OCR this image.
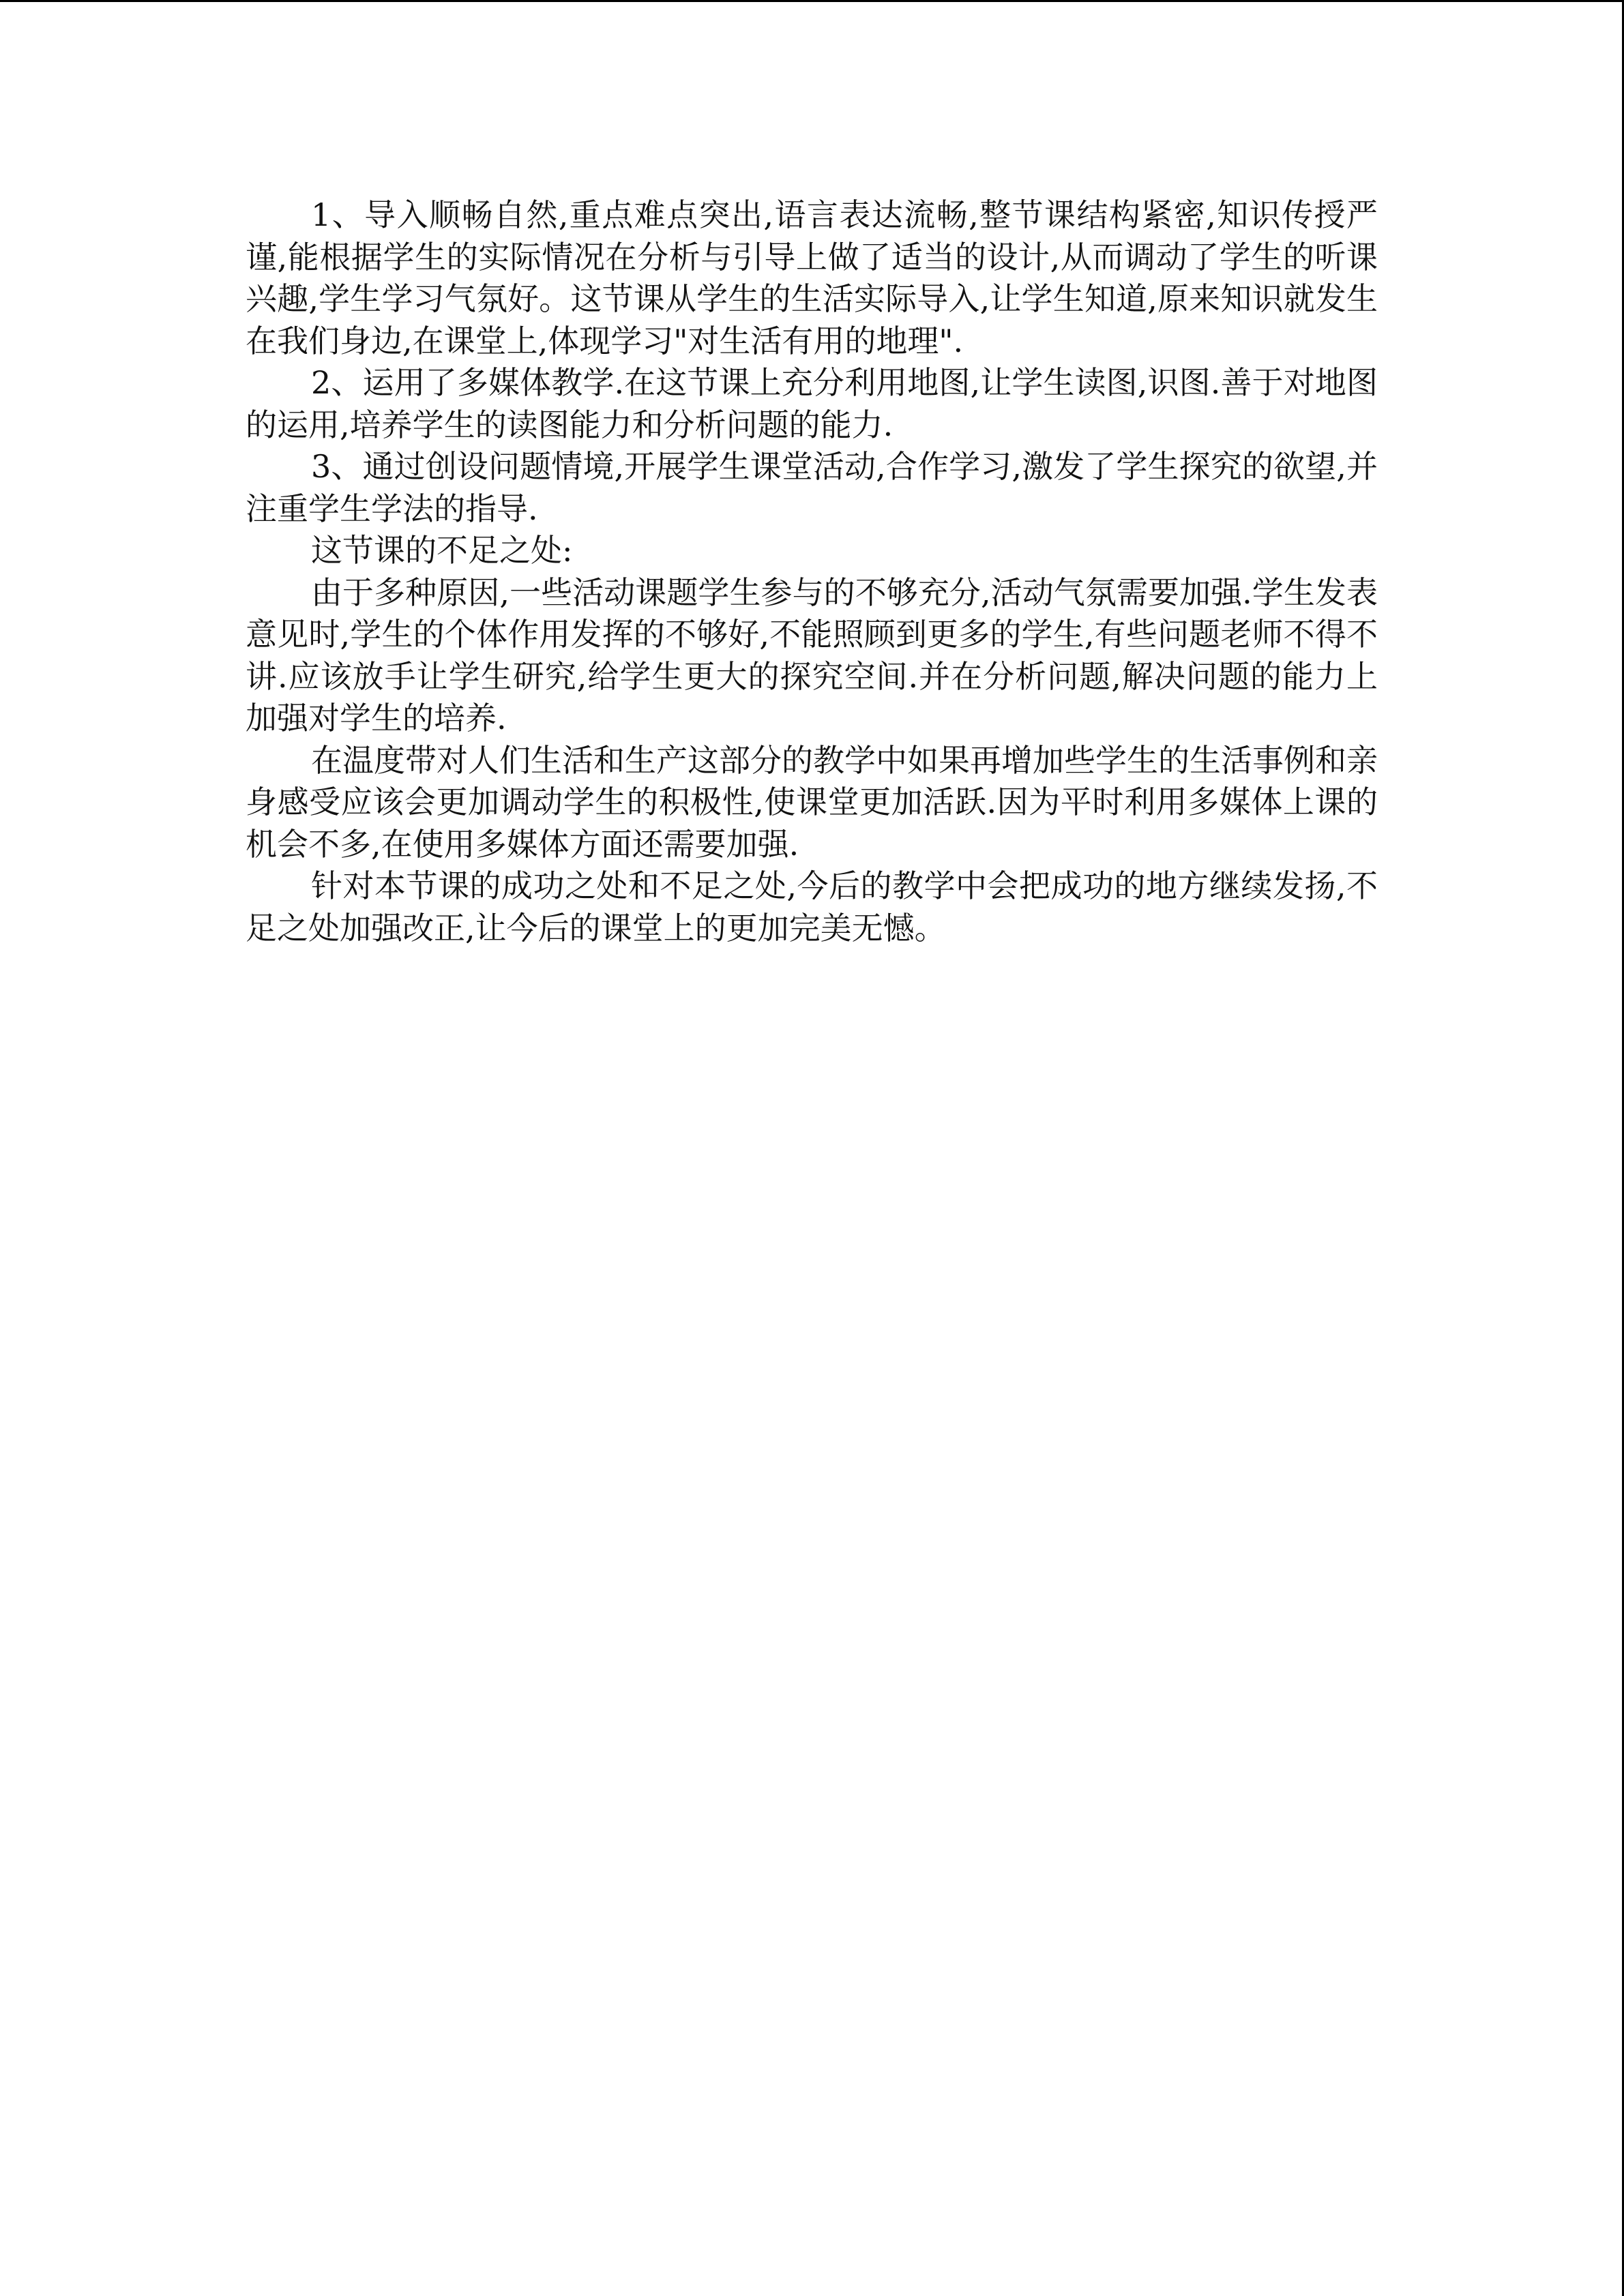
1、导入顺畅自然,重点难点突出,语言表达流畅,整节课结构紧密,知识传授严谨,能根据学生的实际情况在分析与引导上做了适当的设计,从而调动了学生的听课兴趣,学生学习气氛好。这节课从学生的生活实际导入,让学生知道,原来知识就发生在我们身边,在课堂上,体现学习"对生活有用的地理".

2、运用了多媒体教学.在这节课上充分利用地图,让学生读图,识图.善于对地图的运用,培养学生的读图能力和分析问题的能力.

3、通过创设问题情境,开展学生课堂活动,合作学习,激发了学生探究的欲望,并注重学生学法的指导.

这节课的不足之处:

由于多种原因,一些活动课题学生参与的不够充分,活动气氛需要加强.学生发表意见时,学生的个体作用发挥的不够好,不能照顾到更多的学生,有些问题老师不得不讲.应该放手让学生研究,给学生更大的探究空间.并在分析问题,解决问题的能力上加强对学生的培养.

在温度带对人们生活和生产这部分的教学中如果再增加些学生的生活事例和亲身感受应该会更加调动学生的积极性,使课堂更加活跃.因为平时利用多媒体上课的机会不多,在使用多媒体方面还需要加强.

针对本节课的成功之处和不足之处,今后的教学中会把成功的地方继续发扬,不足之处加强改正,让今后的课堂上的更加完美无憾。
